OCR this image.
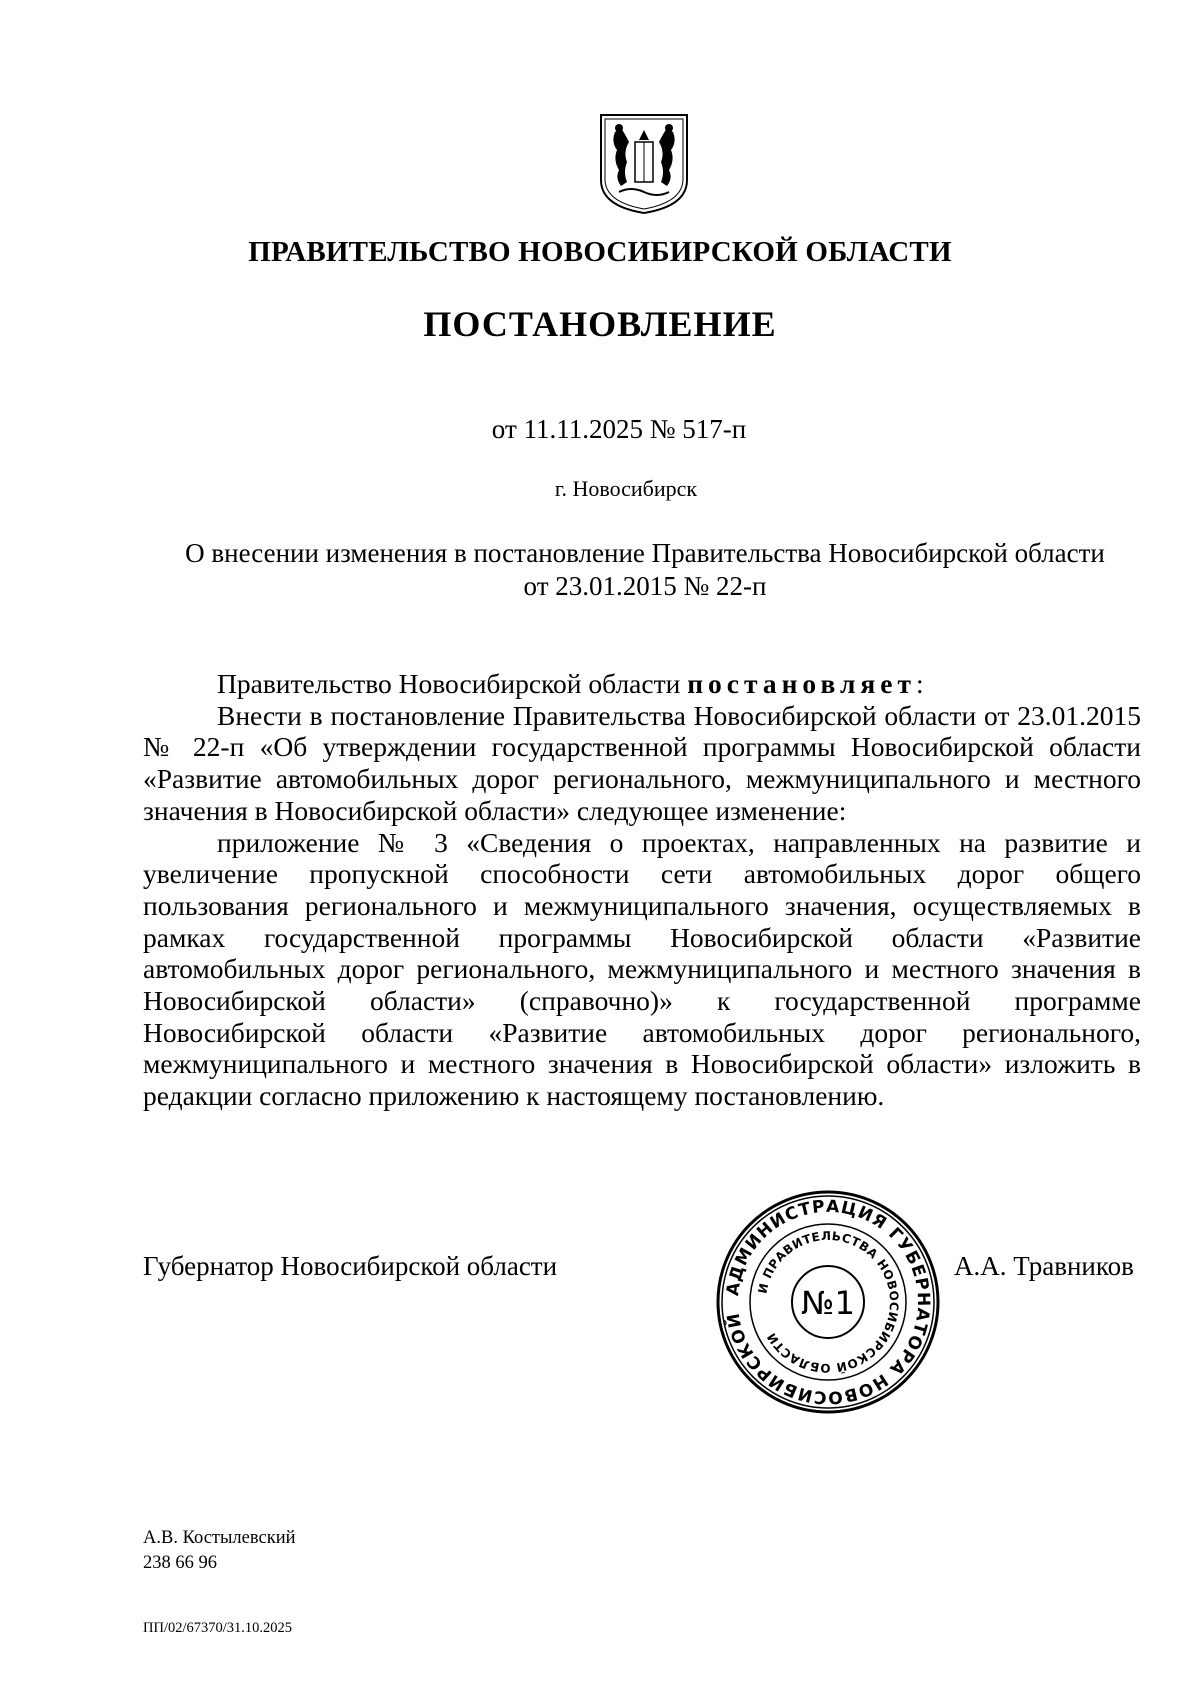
ПРАВИТЕЛЬСТВО НОВОСИБИРСКОЙ ОБЛАСТИ
ПОСТАНОВЛЕНИЕ
от 11.11.2025 № 517-п
г. Новосибирск
О внесении изменения в постановление Правительства Новосибирской области
от 23.01.2015 № 22-п

Правительство Новосибирской области постановляет:

Внести в постановление Правительства Новосибирской области от 23.01.2015 № 22-п «Об утверждении государственной программы Новосибирской области «Развитие автомобильных дорог регионального, межмуниципального и местного значения в Новосибирской области» следующее изменение:

приложение № 3 «Сведения о проектах, направленных на развитие и увеличение пропускной способности сети автомобильных дорог общего пользования регионального и межмуниципального значения, осуществляемых в рамках государственной программы Новосибирской области «Развитие автомобильных дорог регионального, межмуниципального и местного значения в Новосибирской области» (справочно)» к государственной программе Новосибирской области «Развитие автомобильных дорог регионального, межмуниципального и местного значения в Новосибирской области» изложить в редакции согласно приложению к настоящему постановлению.

Губернатор Новосибирской области	А.А. Травников
АДМИНИСТРАЦИЯ ГУБЕРНАТОРА НОВОСИБИРСКОЙ
И ПРАВИТЕЛЬСТВА НОВОСИБИРСКОЙ ОБЛАСТИ
№1
А.В. Костылевский
238 66 96
ПП/02/67370/31.10.2025
